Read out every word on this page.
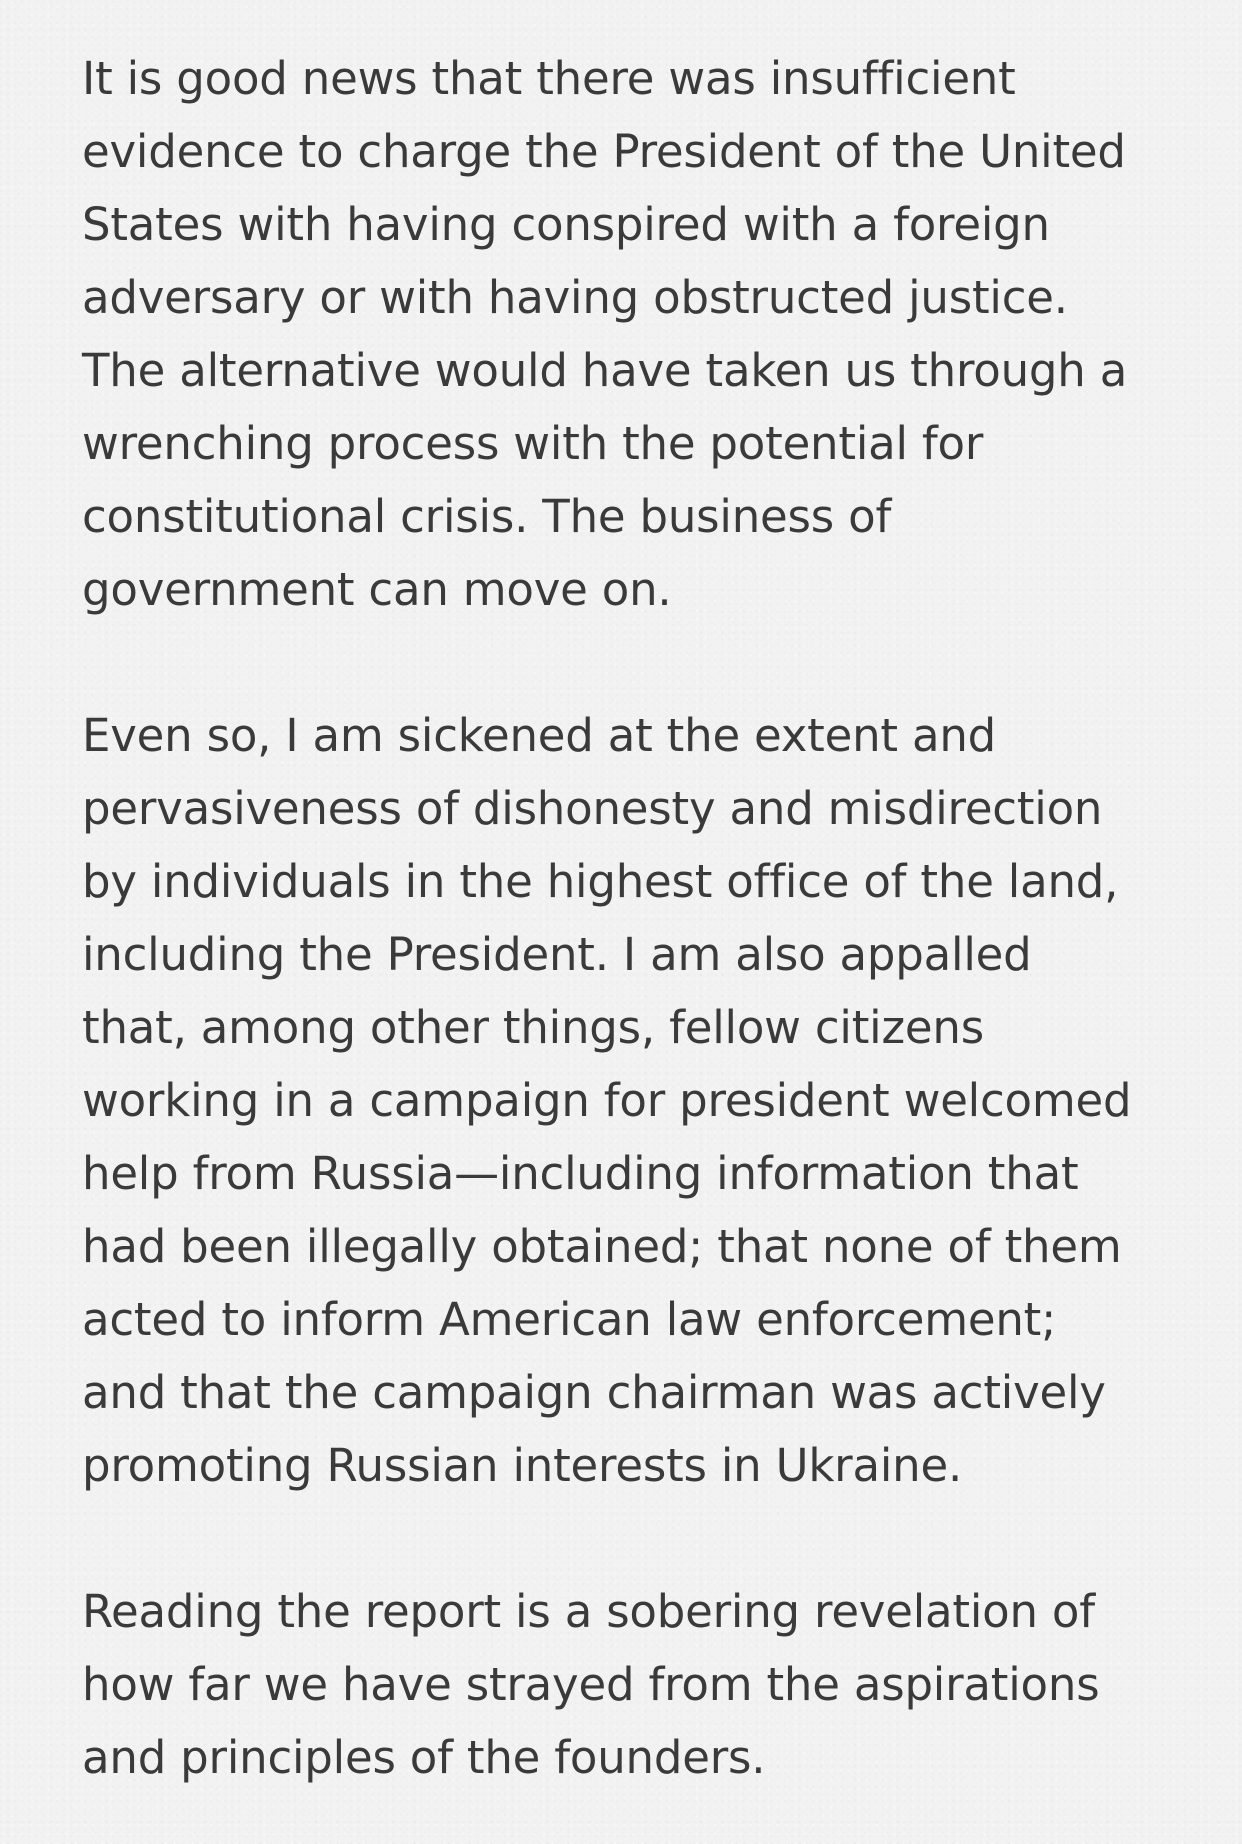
It is good news that there was insufficient
evidence to charge the President of the United
States with having conspired with a foreign
adversary or with having obstructed justice.
The alternative would have taken us through a
wrenching process with the potential for
constitutional crisis. The business of
government can move on.

Even so, I am sickened at the extent and
pervasiveness of dishonesty and misdirection
by individuals in the highest office of the land,
including the President. I am also appalled
that, among other things, fellow citizens
working in a campaign for president welcomed
help from Russia—including information that
had been illegally obtained; that none of them
acted to inform American law enforcement;
and that the campaign chairman was actively
promoting Russian interests in Ukraine.

Reading the report is a sobering revelation of
how far we have strayed from the aspirations
and principles of the founders.
